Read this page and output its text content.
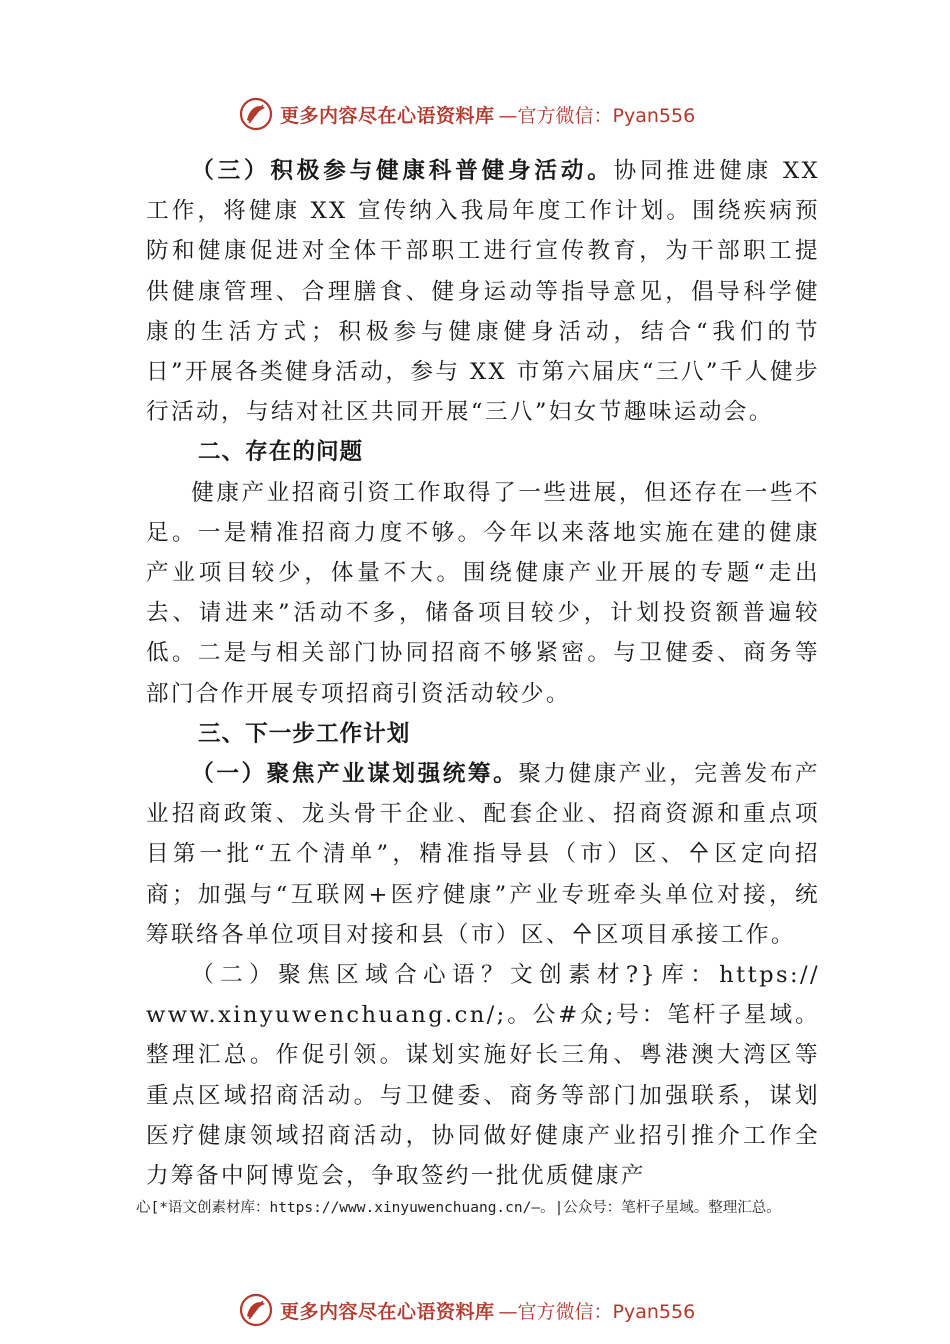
更多内容尽在心语资料库 —官方微信：Pyan556

（三）积极参与健康科普健身活动。协同推进健康 XX 工作，将健康 XX 宣传纳入我局年度工作计划。围绕疾病预防和健康促进对全体干部职工进行宣传教育，为干部职工提供健康管理、合理膳食、健身运动等指导意见，倡导科学健康的生活方式；积极参与健康健身活动，结合“我们的节日”开展各类健身活动，参与 XX 市第六届庆“三八”千人健步行活动，与结对社区共同开展“三八”妇女节趣味运动会。

二、存在的问题

健康产业招商引资工作取得了一些进展，但还存在一些不足。一是精准招商力度不够。今年以来落地实施在建的健康产业项目较少，体量不大。围绕健康产业开展的专题“走出去、请进来”活动不多，储备项目较少，计划投资额普遍较低。二是与相关部门协同招商不够紧密。与卫健委、商务等部门合作开展专项招商引资活动较少。

三、下一步工作计划

（一）聚焦产业谋划强统筹。聚力健康产业，完善发布产业招商政策、龙头骨干企业、配套企业、招商资源和重点项目第一批“五个清单”，精准指导县（市）区、㐃区定向招商；加强与“互联网+医疗健康”产业专班牵头单位对接，统筹联络各单位项目对接和县（市）区、㐃区项目承接工作。

（二）聚焦区域合心语？文创素材?}库：https:// www.xinyuwenchuang.cn/;。公#众;号：笔杆子星域。整理汇总。作促引领。谋划实施好长三角、粤港澳大湾区等重点区域招商活动。与卫健委、商务等部门加强联系，谋划医疗健康领域招商活动，协同做好健康产业招引推介工作全力筹备中阿博览会，争取签约一批优质健康产

心[*语文创素材库：https://www.xinyuwenchuang.cn/—。|公众号：笔杆子星域。整理汇总。
更多内容尽在心语资料库 —官方微信：Pyan556
